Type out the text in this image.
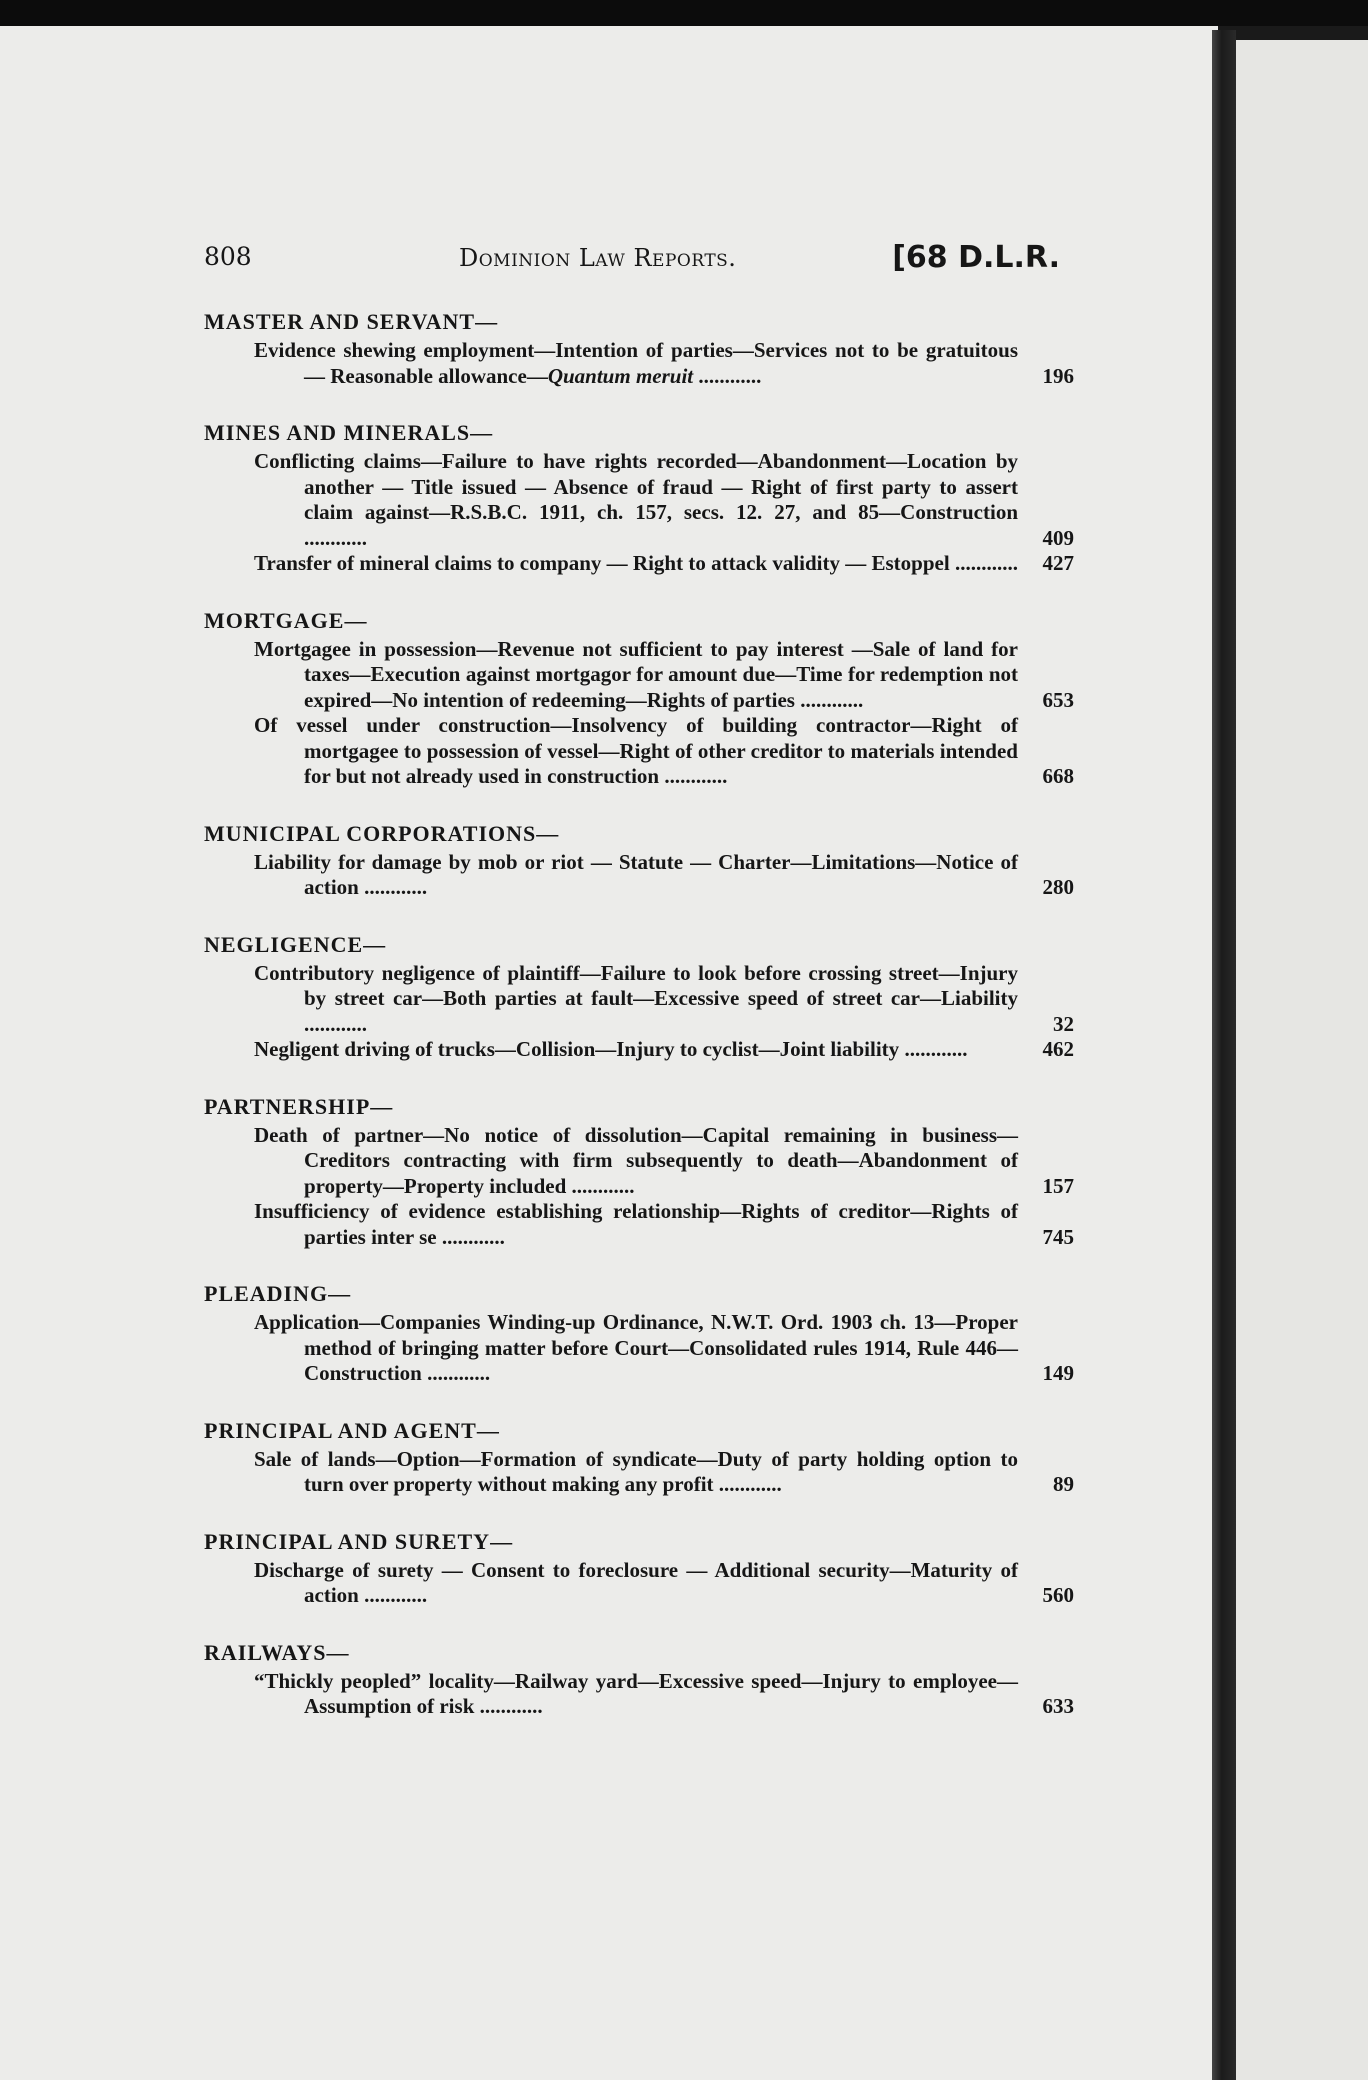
808	Dominion Law Reports.	[68 D.L.R.
MASTER AND SERVANT—
Evidence shewing employment—Intention of parties—Services not to be gratuitous — Reasonable allowance—Quantum meruit ............	196
MINES AND MINERALS—
Conflicting claims—Failure to have rights recorded—Abandonment—Location by another — Title issued — Absence of fraud — Right of first party to assert claim against—R.S.B.C. 1911, ch. 157, secs. 12. 27, and 85—Construction ............	409
Transfer of mineral claims to company — Right to attack validity — Estoppel ............	427
MORTGAGE—
Mortgagee in possession—Revenue not sufficient to pay interest —Sale of land for taxes—Execution against mortgagor for amount due—Time for redemption not expired—No intention of redeeming—Rights of parties ............	653
Of vessel under construction—Insolvency of building contractor—Right of mortgagee to possession of vessel—Right of other creditor to materials intended for but not already used in construction ............	668
MUNICIPAL CORPORATIONS—
Liability for damage by mob or riot — Statute — Charter—Limitations—Notice of action ............	280
NEGLIGENCE—
Contributory negligence of plaintiff—Failure to look before crossing street—Injury by street car—Both parties at fault—Excessive speed of street car—Liability ............	32
Negligent driving of trucks—Collision—Injury to cyclist—Joint liability ............	462
PARTNERSHIP—
Death of partner—No notice of dissolution—Capital remaining in business—Creditors contracting with firm subsequently to death—Abandonment of property—Property included ............	157
Insufficiency of evidence establishing relationship—Rights of creditor—Rights of parties inter se ............	745
PLEADING—
Application—Companies Winding-up Ordinance, N.W.T. Ord. 1903 ch. 13—Proper method of bringing matter before Court—Consolidated rules 1914, Rule 446—Construction ............	149
PRINCIPAL AND AGENT—
Sale of lands—Option—Formation of syndicate—Duty of party holding option to turn over property without making any profit ............	89
PRINCIPAL AND SURETY—
Discharge of surety — Consent to foreclosure — Additional security—Maturity of action ............	560
RAILWAYS—
“Thickly peopled” locality—Railway yard—Excessive speed—Injury to employee—Assumption of risk ............	633
